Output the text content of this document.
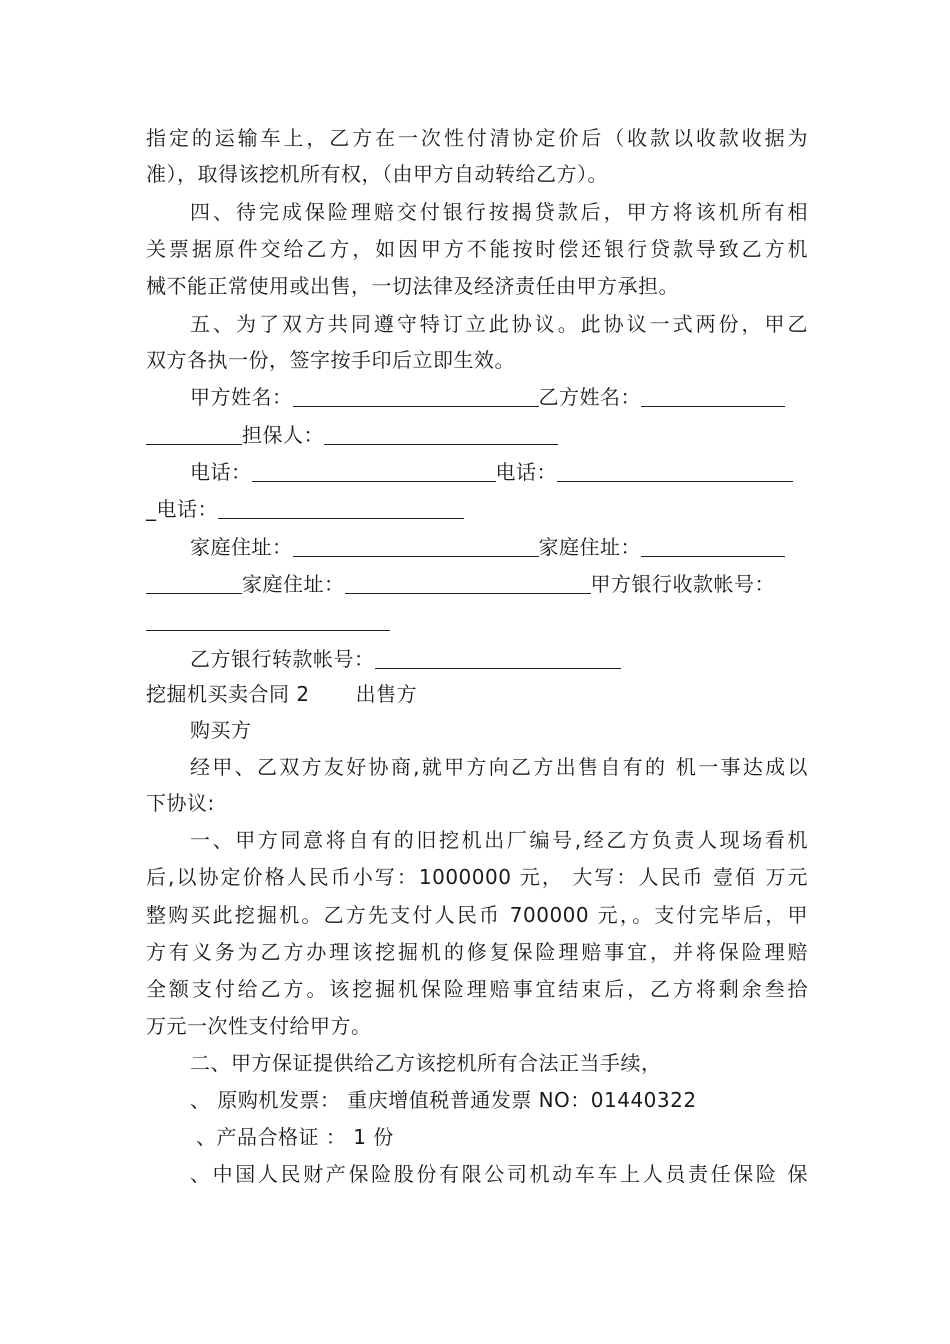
指定的运输车上，乙方在一次性付清协定价后（收款以收款收据为
准），取得该挖机所有权，（由甲方自动转给乙方）。
四、待完成保险理赔交付银行按揭贷款后，甲方将该机所有相
关票据原件交给乙方，如因甲方不能按时偿还银行贷款导致乙方机
械不能正常使用或出售，一切法律及经济责任由甲方承担。
五、为了双方共同遵守特订立此协议。此协议一式两份，甲乙
双方各执一份，签字按手印后立即生效。
甲方姓名：	乙方姓名：
担保人：
电话：	电话：
_电话：
家庭住址：	家庭住址：
家庭住址：	甲方银行收款帐号：
乙方银行转款帐号：
挖掘机买卖合同 2 出售方
购买方
经甲、乙双方友好协商,就甲方向乙方出售自有的 机一事达成以
下协议:
一、甲方同意将自有的旧挖机出厂编号,经乙方负责人现场看机
后,以协定价格人民币小写：1000000 元， 大写：人民币 壹佰 万元
整购买此挖掘机。乙方先支付人民币 700000 元，。支付完毕后，甲
方有义务为乙方办理该挖掘机的修复保险理赔事宜，并将保险理赔
全额支付给乙方。该挖掘机保险理赔事宜结束后，乙方将剩余叁拾
万元一次性支付给甲方。
二、甲方保证提供给乙方该挖机所有合法正当手续，
、 原购机发票： 重庆增值税普通发票 NO：01440322
、产品合格证 ： 1 份
、中国人民财产保险股份有限公司机动车车上人员责任保险 保
